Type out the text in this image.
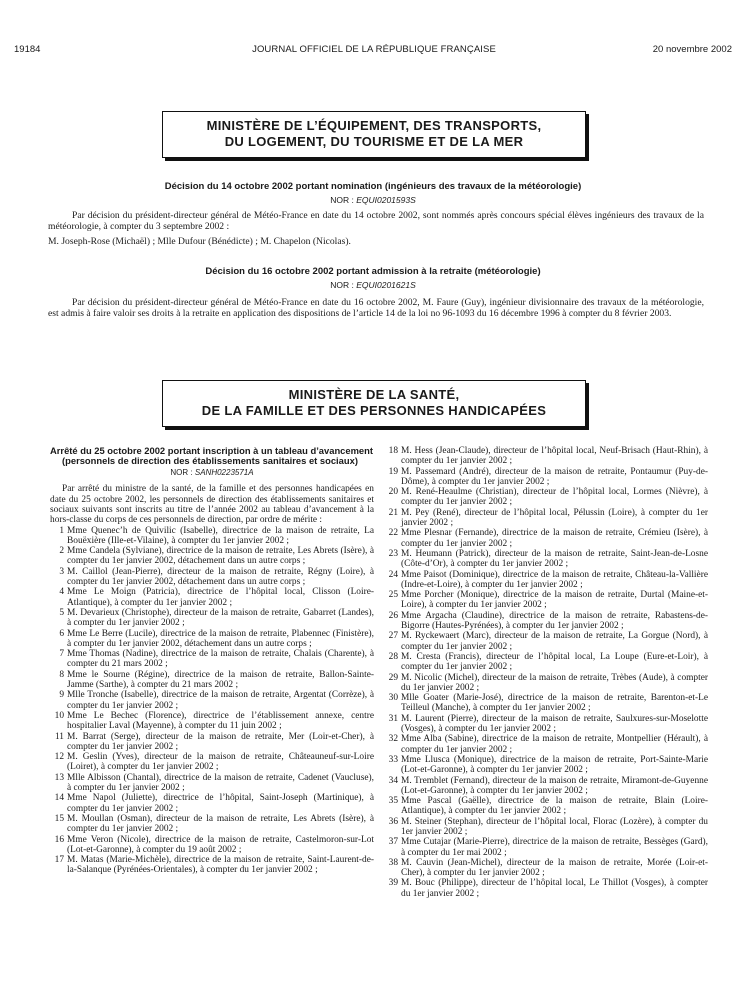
19184	JOURNAL OFFICIEL DE LA RÉPUBLIQUE FRANÇAISE	20 novembre 2002
MINISTÈRE DE L’ÉQUIPEMENT, DES TRANSPORTS,
DU LOGEMENT, DU TOURISME ET DE LA MER
Décision du 14 octobre 2002 portant nomination (ingénieurs des travaux de la météorologie)
NOR : EQUI0201593S

Par décision du président-directeur général de Météo-France en date du 14 octobre 2002, sont nommés après concours spécial élèves ingénieurs des travaux de la météorologie, à compter du 3 septembre 2002 :

M. Joseph-Rose (Michaël) ; Mlle Dufour (Bénédicte) ; M. Chapelon (Nicolas).

Décision du 16 octobre 2002 portant admission à la retraite (météorologie)
NOR : EQUI0201621S

Par décision du président-directeur général de Météo-France en date du 16 octobre 2002, M. Faure (Guy), ingénieur divisionnaire des travaux de la météorologie, est admis à faire valoir ses droits à la retraite en application des dispositions de l’article 14 de la loi no 96-1093 du 16 décembre 1996 à compter du 8 février 2003.

MINISTÈRE DE LA SANTÉ,
DE LA FAMILLE ET DES PERSONNES HANDICAPÉES

Arrêté du 25 octobre 2002 portant inscription à un tableau d’avancement (personnels de direction des établissements sanitaires et sociaux)

NOR : SANH0223571A

Par arrêté du ministre de la santé, de la famille et des personnes handicapées en date du 25 octobre 2002, les personnels de direction des établissements sanitaires et sociaux suivants sont inscrits au titre de l’année 2002 au tableau d’avancement à la hors-classe du corps de ces personnels de direction, par ordre de mérite :

1 Mme Quenec’h de Quivilic (Isabelle), directrice de la maison de retraite, La Bouëxière (Ille-et-Vilaine), à compter du 1er janvier 2002 ;

2 Mme Candela (Sylviane), directrice de la maison de retraite, Les Abrets (Isère), à compter du 1er janvier 2002, détachement dans un autre corps ;

3 M. Caillol (Jean-Pierre), directeur de la maison de retraite, Régny (Loire), à compter du 1er janvier 2002, détachement dans un autre corps ;

4 Mme Le Moign (Patricia), directrice de l’hôpital local, Clisson (Loire-Atlantique), à compter du 1er janvier 2002 ;

5 M. Devarieux (Christophe), directeur de la maison de retraite, Gabarret (Landes), à compter du 1er janvier 2002 ;

6 Mme Le Berre (Lucile), directrice de la maison de retraite, Plabennec (Finistère), à compter du 1er janvier 2002, détachement dans un autre corps ;

7 Mme Thomas (Nadine), directrice de la maison de retraite, Chalais (Charente), à compter du 21 mars 2002 ;

8 Mme le Sourne (Régine), directrice de la maison de retraite, Ballon-Sainte-Jamme (Sarthe), à compter du 21 mars 2002 ;

9 Mlle Tronche (Isabelle), directrice de la maison de retraite, Argentat (Corrèze), à compter du 1er janvier 2002 ;

10 Mme Le Bechec (Florence), directrice de l’établissement annexe, centre hospitalier Laval (Mayenne), à compter du 11 juin 2002 ;

11 M. Barrat (Serge), directeur de la maison de retraite, Mer (Loir-et-Cher), à compter du 1er janvier 2002 ;

12 M. Geslin (Yves), directeur de la maison de retraite, Châteauneuf-sur-Loire (Loiret), à compter du 1er janvier 2002 ;

13 Mlle Albisson (Chantal), directrice de la maison de retraite, Cadenet (Vaucluse), à compter du 1er janvier 2002 ;

14 Mme Napol (Juliette), directrice de l’hôpital, Saint-Joseph (Martinique), à compter du 1er janvier 2002 ;

15 M. Moullan (Osman), directeur de la maison de retraite, Les Abrets (Isère), à compter du 1er janvier 2002 ;

16 Mme Veron (Nicole), directrice de la maison de retraite, Castelmoron-sur-Lot (Lot-et-Garonne), à compter du 19 août 2002 ;

17 M. Matas (Marie-Michèle), directrice de la maison de retraite, Saint-Laurent-de-la-Salanque (Pyrénées-Orientales), à compter du 1er janvier 2002 ;

18 M. Hess (Jean-Claude), directeur de l’hôpital local, Neuf-Brisach (Haut-Rhin), à compter du 1er janvier 2002 ;

19 M. Passemard (André), directeur de la maison de retraite, Pontaumur (Puy-de-Dôme), à compter du 1er janvier 2002 ;

20 M. René-Heaulme (Christian), directeur de l’hôpital local, Lormes (Nièvre), à compter du 1er janvier 2002 ;

21 M. Pey (René), directeur de l’hôpital local, Pélussin (Loire), à compter du 1er janvier 2002 ;

22 Mme Plesnar (Fernande), directrice de la maison de retraite, Crémieu (Isère), à compter du 1er janvier 2002 ;

23 M. Heumann (Patrick), directeur de la maison de retraite, Saint-Jean-de-Losne (Côte-d’Or), à compter du 1er janvier 2002 ;

24 Mme Paisot (Dominique), directrice de la maison de retraite, Château-la-Vallière (Indre-et-Loire), à compter du 1er janvier 2002 ;

25 Mme Porcher (Monique), directrice de la maison de retraite, Durtal (Maine-et-Loire), à compter du 1er janvier 2002 ;

26 Mme Argacha (Claudine), directrice de la maison de retraite, Rabastens-de-Bigorre (Hautes-Pyrénées), à compter du 1er janvier 2002 ;

27 M. Ryckewaert (Marc), directeur de la maison de retraite, La Gorgue (Nord), à compter du 1er janvier 2002 ;

28 M. Cresta (Francis), directeur de l’hôpital local, La Loupe (Eure-et-Loir), à compter du 1er janvier 2002 ;

29 M. Nicolic (Michel), directeur de la maison de retraite, Trèbes (Aude), à compter du 1er janvier 2002 ;

30 Mlle Goater (Marie-José), directrice de la maison de retraite, Barenton-et-Le Teilleul (Manche), à compter du 1er janvier 2002 ;

31 M. Laurent (Pierre), directeur de la maison de retraite, Saulxures-sur-Moselotte (Vosges), à compter du 1er janvier 2002 ;

32 Mme Alba (Sabine), directrice de la maison de retraite, Montpellier (Hérault), à compter du 1er janvier 2002 ;

33 Mme Llusca (Monique), directrice de la maison de retraite, Port-Sainte-Marie (Lot-et-Garonne), à compter du 1er janvier 2002 ;

34 M. Tremblet (Fernand), directeur de la maison de retraite, Miramont-de-Guyenne (Lot-et-Garonne), à compter du 1er janvier 2002 ;

35 Mme Pascal (Gaëlle), directrice de la maison de retraite, Blain (Loire-Atlantique), à compter du 1er janvier 2002 ;

36 M. Steiner (Stephan), directeur de l’hôpital local, Florac (Lozère), à compter du 1er janvier 2002 ;

37 Mme Cutajar (Marie-Pierre), directrice de la maison de retraite, Bessèges (Gard), à compter du 1er mai 2002 ;

38 M. Cauvin (Jean-Michel), directeur de la maison de retraite, Morée (Loir-et-Cher), à compter du 1er janvier 2002 ;

39 M. Bouc (Philippe), directeur de l’hôpital local, Le Thillot (Vosges), à compter du 1er janvier 2002 ;
